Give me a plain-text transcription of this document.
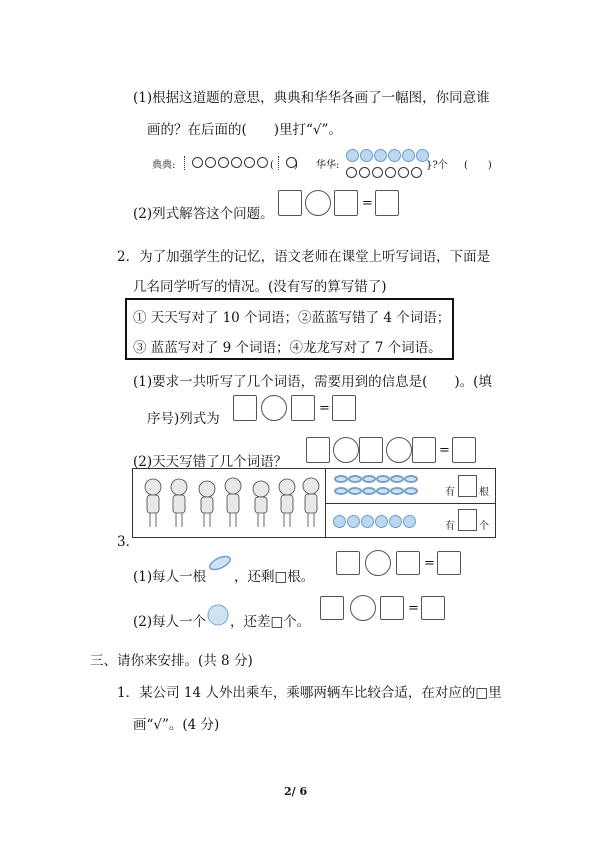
(1)根据这道题的意思，典典和华华各画了一幅图，你同意谁
画的？在后面的(　　)里打“√”。
典典:
	(　　) 华华:	}?个 (　　)
(2)列式解答这个问题。
=
2．为了加强学生的记忆，语文老师在课堂上听写词语，下面是
几名同学听写的情况。(没有写的算写错了)
① 天天写对了 10 个词语；②蓝蓝写错了 4 个词语；
③ 蓝蓝写对了 9 个词语；④龙龙写对了 7 个词语。
(1)要求一共听写了几个词语，需要用到的信息是(　　)。(填
序号)列式为
=
(2)天天写错了几个词语？
=
有 根
有 个
3．
(1)每人一根 ，还剩□根。
=
(2)每人一个 ，还差□个。
=
三、请你来安排。(共 8 分)
1．某公司 14 人外出乘车，乘哪两辆车比较合适，在对应的□里
画“√”。(4 分)
2/ 6
